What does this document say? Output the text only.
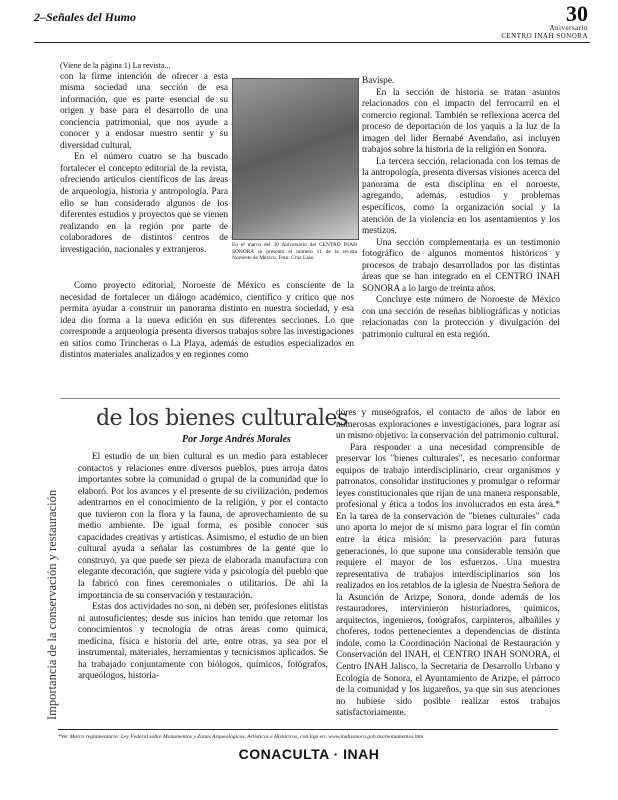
2–Señales del Humo	30
Aniversario
CENTRO INAH SONORA

(Viene de la página 1) La revista...

con la firme intención de ofrecer a esta misma sociedad una sección de esa información, que es parte esencial de su origen y base para el desarrollo de una conciencia patrimonial, que nos ayude a conocer y a endosar nuestro sentir y su diversidad cultural.

En el número cuatro se ha buscado fortalecer el concepto editorial de la revista, ofreciendo artículos científicos de las áreas de arqueología, historia y antropología. Para ello se han considerado algunos de los diferentes estudios y proyectos que se vienen realizando en la región por parte de colaboradores de distintos centros de investigación, nacionales y extranjeros.

Como proyecto editorial, Noroeste de México es consciente de la necesidad de fortalecer un diálogo académico, científico y crítico que nos permita ayudar a construir un panorama distinto en nuestra sociedad, y esa idea dio forma a la nueva edición en sus diferentes secciones. Lo que corresponde a arqueología presenta diversos trabajos sobre las investigaciones en sitios como Trincheras o La Playa, además de estudios especializados en distintos materiales analizados y en regiones como

Bavispe.

En la sección de historia se tratan asuntos relacionados con el impacto del ferrocarril en el comercio regional. También se reflexiona acerca del proceso de deportación de los yaquis a la luz de la imagen del líder Bernabé Avendaño, así incluyen trabajos sobre la historia de la religión en Sonora.

La tercera sección, relacionada con los temas de la antropología, presenta diversas visiones acerca del panorama de esta disciplina en el noroeste, agregando, además, estudios y problemas específicos, como la organización social y la atención de la violencia en los asentamientos y los mestizos.

Una sección complementaria es un testimonio fotográfico de algunos momentos históricos y procesos de trabajo desarrollados por las distintas áreas que se han integrado en el CENTRO INAH SONORA a lo largo de treinta años.

Concluye este número de Noroeste de México con una sección de reseñas bibliográficas y noticias relacionadas con la protección y divulgación del patrimonio cultural en esta región.

En el marco del 30 Aniversario del CENTRO INAH SONORA se presentó el número 11 de la revista Noroeste de México. Foto: Cruz Laso.
de los bienes culturales
Importancia de la conservación y restauración
Por Jorge Andrés Morales

El estudio de un bien cultural es un medio para establecer contactos y relaciones entre diversos pueblos, pues arroja datos importantes sobre la comunidad o grupal de la comunidad que lo elaboró. Por los avances y el presente de su civilización, podemos adentrarnos en el conocimiento de la religión, y por el contacto que tuvieron con la flora y la fauna, de aprovechamiento de su medio ambiente. De igual forma, es posible conocer sus capacidades creativas y artísticas. Asimismo, el estudio de un bien cultural ayuda a señalar las costumbres de la gente que lo construyó, ya que puede ser pieza de elaborada manufactura con elegante decoración, que sugiere vida y psicología del pueblo que la fabricó con fines ceremoniales o utilitarios. De ahí la importancia de su conservación y restauración.

Estas dos actividades no son, ni deben ser, profesiones elitistas ni autosuficientes; desde sus inicios han tenido que retomar los conocimientos y tecnología de otras áreas como química, medicina, física e historia del arte, entre otras, ya sea por el instrumental, materiales, herramientas y tecnicismos aplicados. Se ha trabajado conjuntamente con biólogos, químicos, fotógrafos, arqueólogos, historia-

dores y museógrafos, el contacto de años de labor en numerosas exploraciones e investigaciones, para lograr así un mismo objetivo: la conservación del patrimonio cultural.

Para responder a una necesidad comprensible de preservar los "bienes culturales", es necesario conformar equipos de trabajo interdisciplinario, crear organismos y patronatos, consolidar instituciones y promulgar o reformar leyes constitucionales que rijan de una manera responsable, profesional y ética a todos los involucrados en esta área.* En la tarea de la conservación de "bienes culturales" cada uno aporta lo mejor de sí mismo para lograr el fin común entre la ética misión: la preservación para futuras generaciones, lo que supone una considerable tensión que requiere el mayor de los esfuerzos. Una muestra representativa de trabajos interdisciplinarios son los realizados en los retablos de la iglesia de Nuestra Señora de la Asunción de Arizpe, Sonora, donde además de los restauradores, intervinieron historiadores, químicos, arquitectos, ingenieros, fotógrafos, carpinteros, albañiles y choferes, todos pertenecientes a dependencias de distinta índole, como la Coordinación Nacional de Restauración y Conservación del INAH, el CENTRO INAH SONORA, el Centro INAH Jalisco, la Secretaría de Desarrollo Urbano y Ecología de Sonora, el Ayuntamiento de Arizpe, el párroco de la comunidad y los lugareños, ya que sin sus atenciones no hubiese sido posible realizar estos trabajos satisfactoriamente.

*Ver Marco reglamentario: Ley Federal sobre Monumentos y Zonas Arqueológicos, Artísticos e Históricos, con liga en: www.inahsonora.gob.mx/monumentos.htm
CONACULTA · INAH
